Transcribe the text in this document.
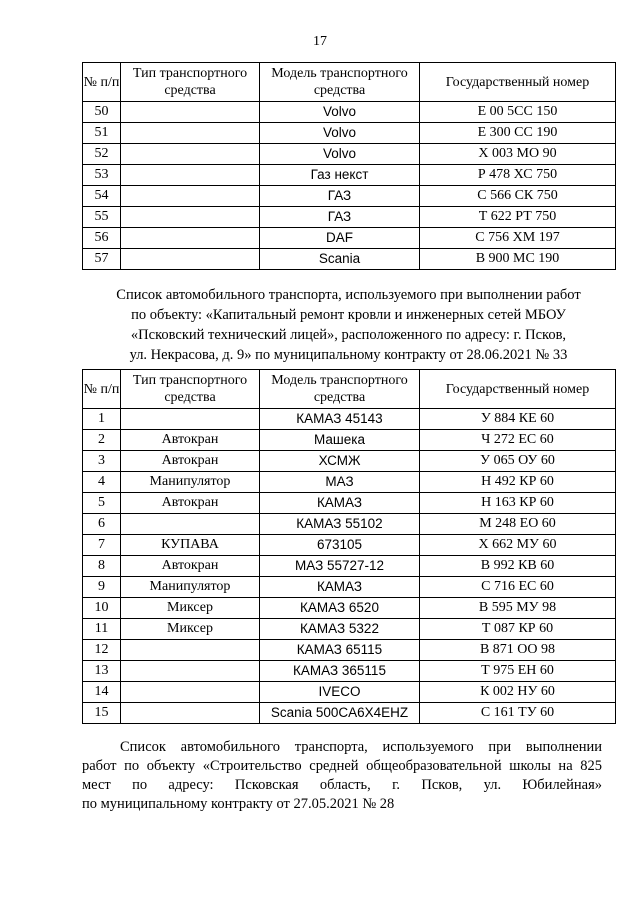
17
№ п/п	Тип транспортного средства	Модель транспортного средства	Государственный номер
50		Volvo	Е 00 5СС 150
51		Volvo	Е 300 СС 190
52		Volvo	Х 003 МО 90
53		Газ некст	Р 478 ХС 750
54		ГАЗ	С 566 СК 750
55		ГАЗ	Т 622 РТ 750
56		DAF	С 756 ХМ 197
57		Scania	В 900 МС 190
Список автомобильного транспорта, используемого при выполнении работ
по объекту: «Капитальный ремонт кровли и инженерных сетей МБОУ
«Псковский технический лицей», расположенного по адресу: г. Псков,
ул. Некрасова, д. 9» по муниципальному контракту от 28.06.2021 № 33
№ п/п	Тип транспортного средства	Модель транспортного средства	Государственный номер
1		КАМАЗ 45143	У 884 КЕ 60
2	Автокран	Машека	Ч 272 ЕС 60
3	Автокран	ХСМЖ	У 065 ОУ 60
4	Манипулятор	МАЗ	Н 492 КР 60
5	Автокран	КАМАЗ	Н 163 КР 60
6		КАМАЗ 55102	М 248 ЕО 60
7	КУПАВА	673105	Х 662 МУ 60
8	Автокран	МАЗ 55727-12	В 992 КВ 60
9	Манипулятор	КАМАЗ	С 716 ЕС 60
10	Миксер	КАМАЗ 6520	В 595 МУ 98
11	Миксер	КАМАЗ 5322	Т 087 КР 60
12		КАМАЗ 65115	В 871 ОО 98
13		КАМАЗ 365115	Т 975 ЕН 60
14		IVECO	К 002 НУ 60
15		Scania 500CA6X4EHZ	С 161 ТУ 60
Список автомобильного транспорта, используемого при выполнении
работ по объекту «Строительство средней общеобразовательной школы на 825
мест по адресу: Псковская область, г. Псков, ул. Юбилейная»
по муниципальному контракту от 27.05.2021 № 28
